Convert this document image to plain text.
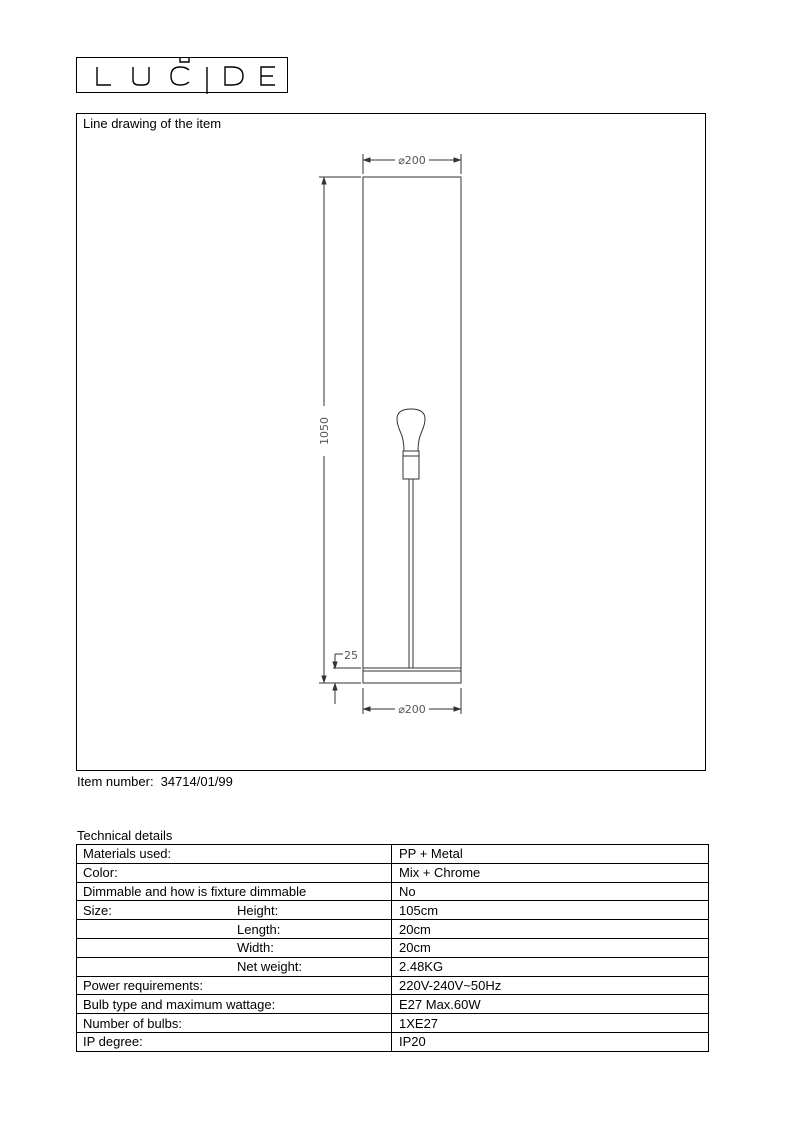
Line drawing of the item
⌀200
⌀200
1050
25
Item number: 34714/01/99
Technical details
Materials used:	PP + Metal
Color:	Mix + Chrome
Dimmable and how is fixture dimmable	No
Size: Height:	105cm
Length:	20cm
Width:	20cm
Net weight:	2.48KG
Power requirements:	220V-240V~50Hz
Bulb type and maximum wattage:	E27 Max.60W
Number of bulbs:	1XE27
IP degree:	IP20
